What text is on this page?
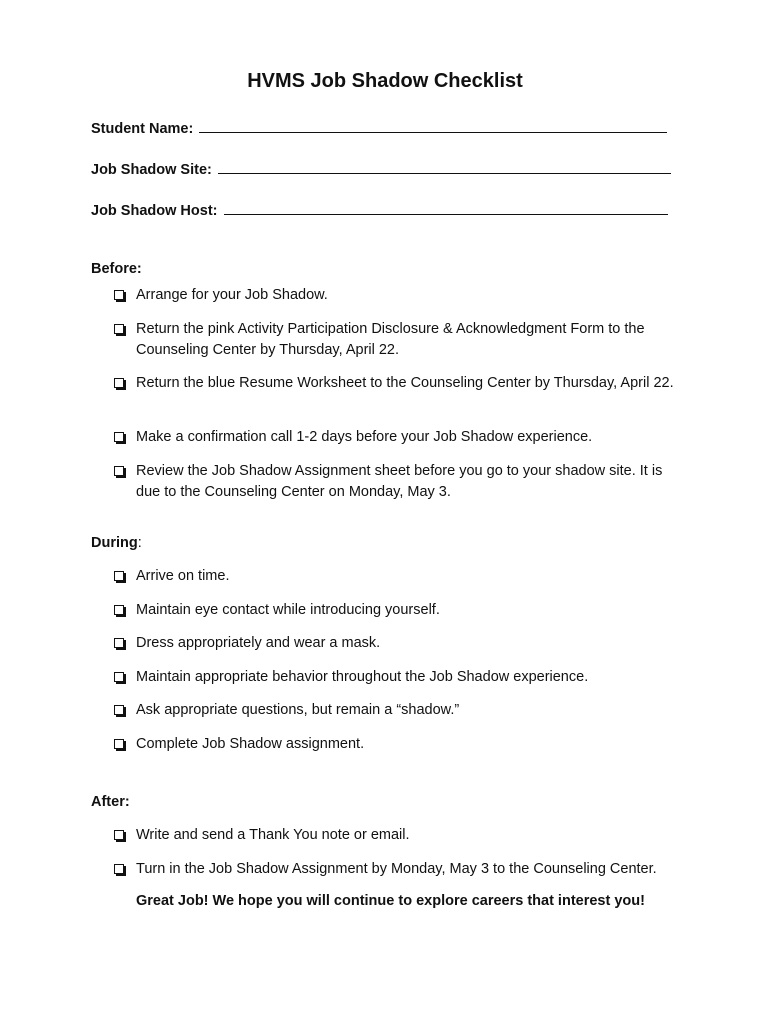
HVMS Job Shadow Checklist
Student Name:
Job Shadow Site:
Job Shadow Host:
Before:
Arrange for your Job Shadow.
Return the pink Activity Participation Disclosure & Acknowledgment Form to the Counseling Center by Thursday, April 22.
Return the blue Resume Worksheet to the Counseling Center by Thursday, April 22.
Make a confirmation call 1-2 days before your Job Shadow experience.
Review the Job Shadow Assignment sheet before you go to your shadow site. It is due to the Counseling Center on Monday, May 3.
During:
Arrive on time.
Maintain eye contact while introducing yourself.
Dress appropriately and wear a mask.
Maintain appropriate behavior throughout the Job Shadow experience.
Ask appropriate questions, but remain a “shadow.”
Complete Job Shadow assignment.
After:
Write and send a Thank You note or email.
Turn in the Job Shadow Assignment by Monday, May 3 to the Counseling Center.
Great Job! We hope you will continue to explore careers that interest you!
